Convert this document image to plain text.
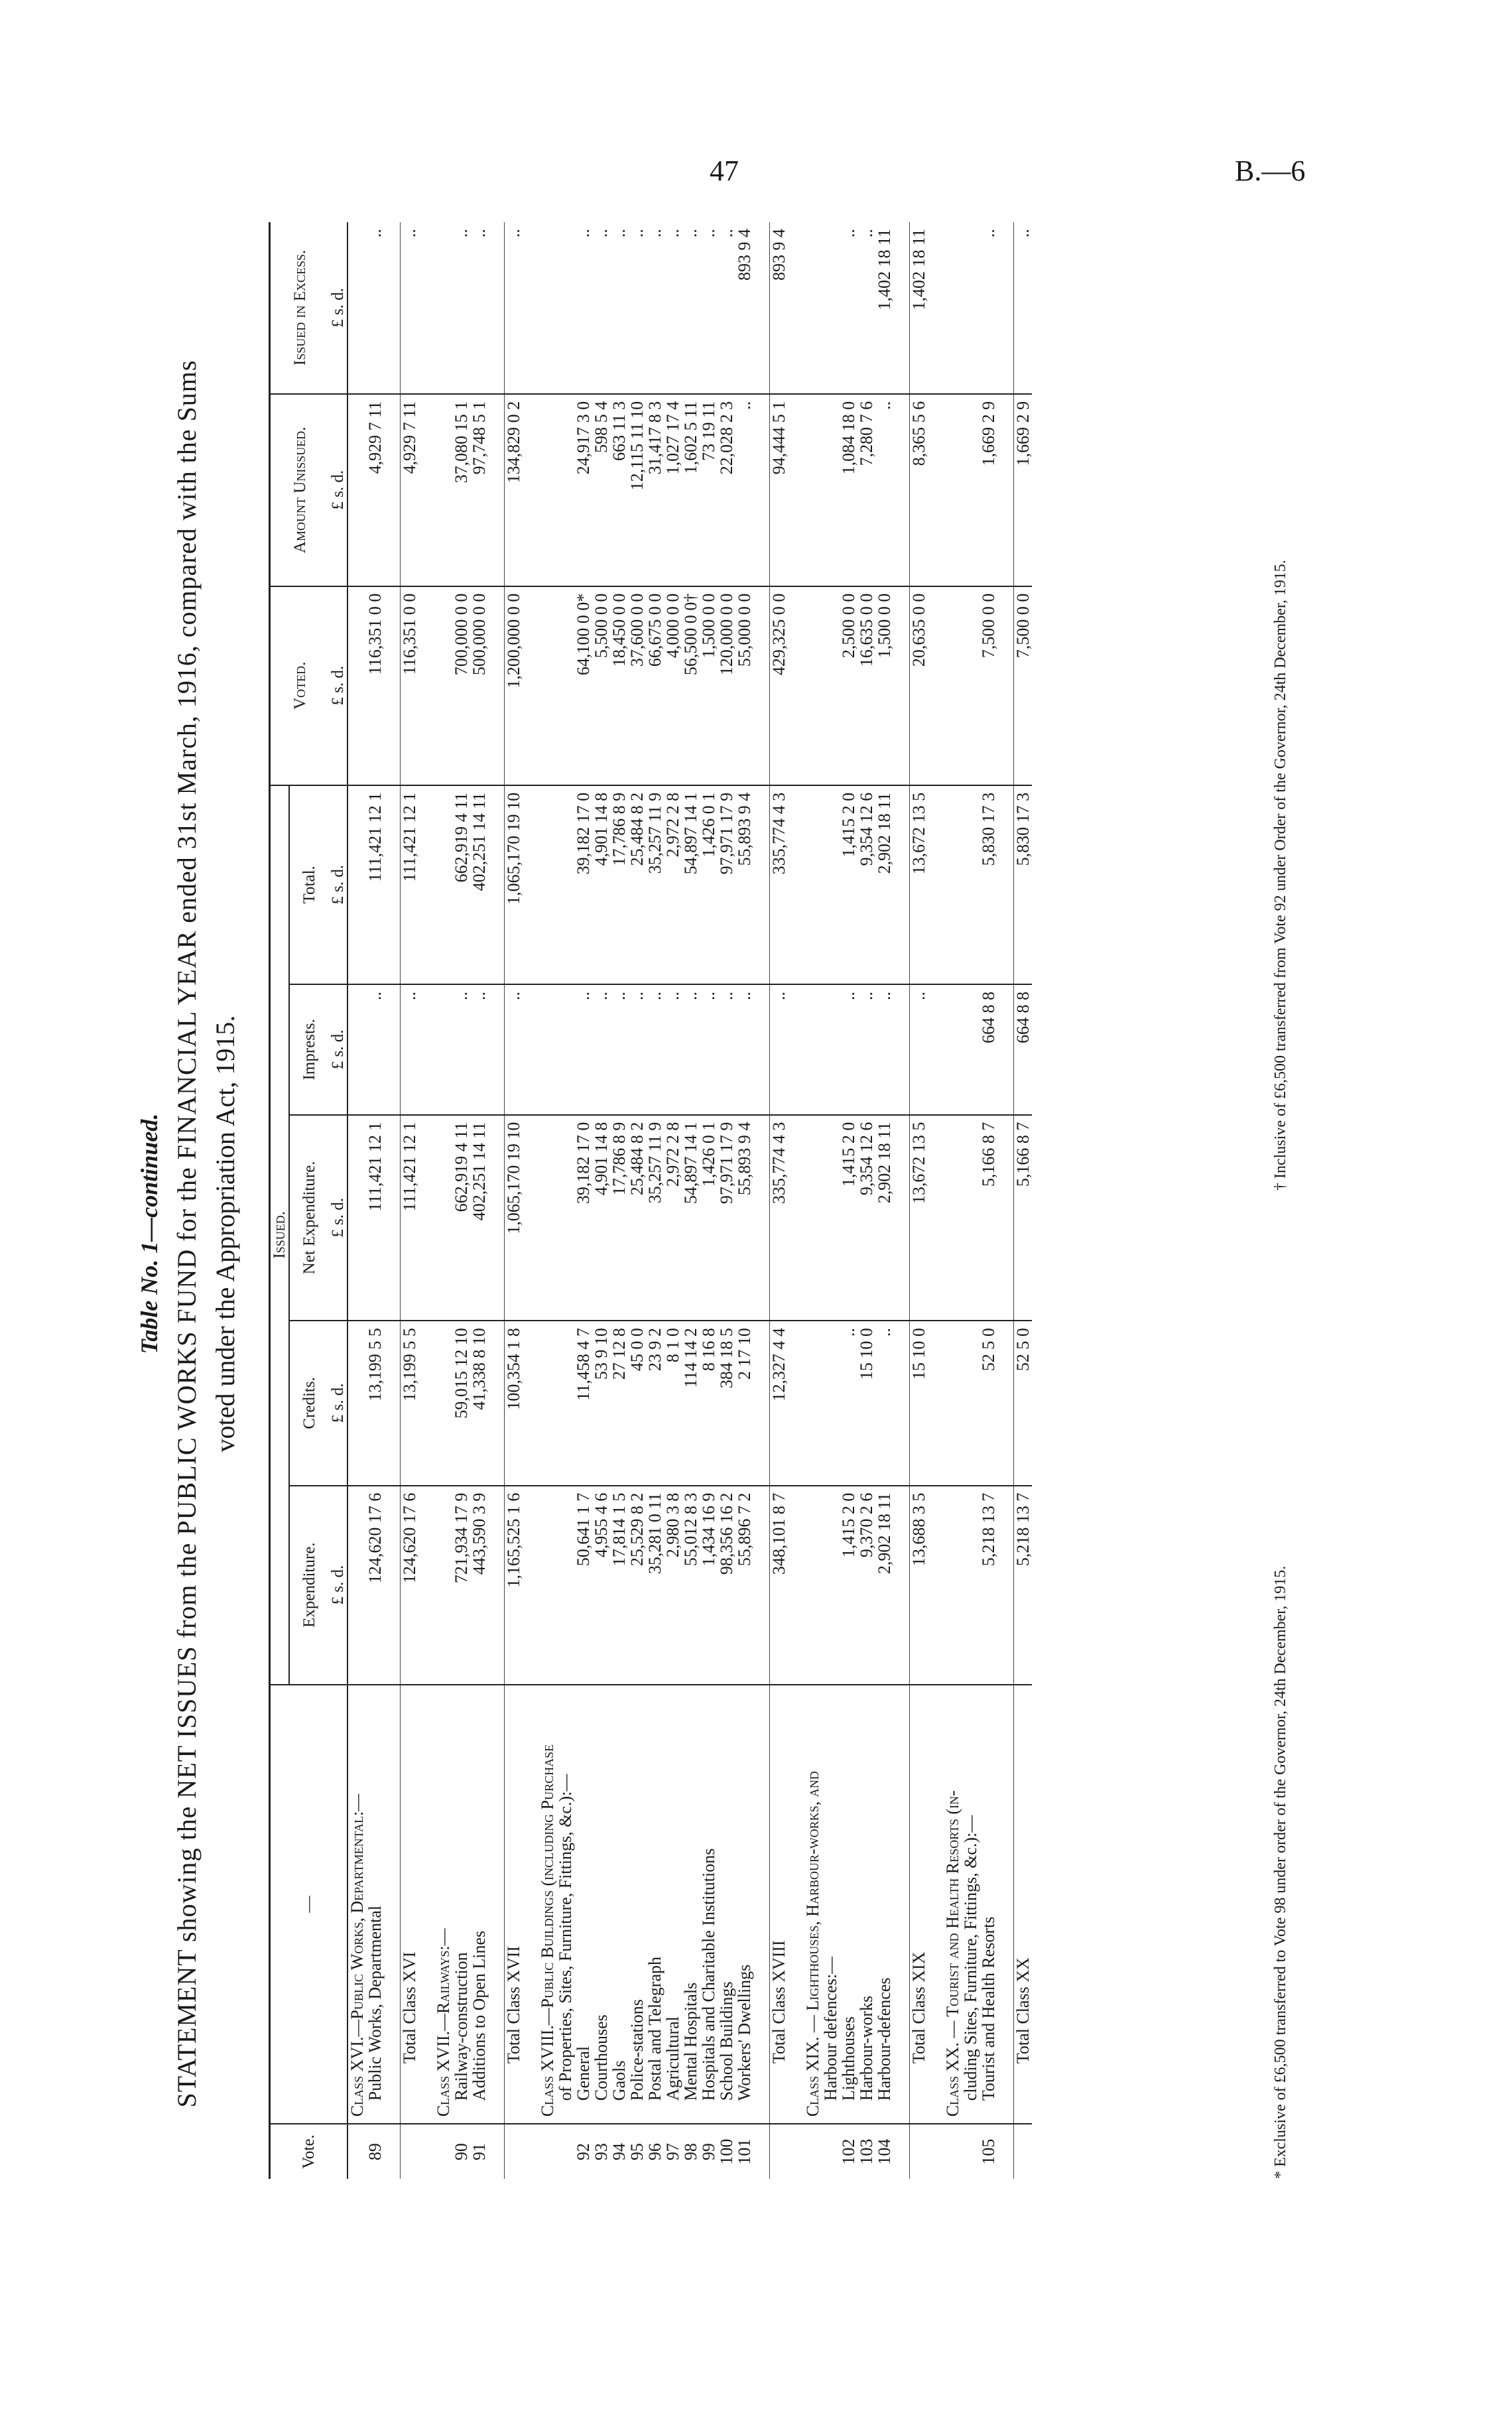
47	B.—6
Table No. 1—continued. STATEMENT showing the NET ISSUES from the PUBLIC WORKS FUND for the FINANCIAL YEAR ended 31st March, 1916, compared with the Sums voted under the Appropriation Act, 1915.
Vote.	—	Issued.					Voted.	Amount Unissued.	Issued in Excess.
		Expenditure.	Credits.	Net Expenditure.	Imprests.	Total.			
		£ s. d.	£ s. d.	£ s. d.	£ s. d.	£ s. d.	£ s. d.	£ s. d.	£ s. d.
	Class XVI.—Public Works, Departmental:—								
89	Public Works, Departmental	124,620 17 6	13,199 5 5	111,421 12 1	..	111,421 12 1	116,351 0 0	4,929 7 11	..

	Total Class XVI	124,620 17 6	13,199 5 5	111,421 12 1	..	111,421 12 1	116,351 0 0	4,929 7 11	..

	Class XVII.—Railways:—								
90	Railway-construction	721,934 17 9	59,015 12 10	662,919 4 11	..	662,919 4 11	700,000 0 0	37,080 15 1	..
91	Additions to Open Lines	443,590 3 9	41,338 8 10	402,251 14 11	..	402,251 14 11	500,000 0 0	97,748 5 1	..

	Total Class XVII	1,165,525 1 6	100,354 1 8	1,065,170 19 10	..	1,065,170 19 10	1,200,000 0 0	134,829 0 2	..

	Class XVIII.—Public Buildings (including Purchase								
	of Properties, Sites, Furniture, Fittings, &c.):—								
92	General	50,641 1 7	11,458 4 7	39,182 17 0	..	39,182 17 0	64,100 0 0*	24,917 3 0	..
93	Courthouses	4,955 4 6	53 9 10	4,901 14 8	..	4,901 14 8	5,500 0 0	598 5 4	..
94	Gaols	17,814 1 5	27 12 8	17,786 8 9	..	17,786 8 9	18,450 0 0	663 11 3	..
95	Police-stations	25,529 8 2	45 0 0	25,484 8 2	..	25,484 8 2	37,600 0 0	12,115 11 10	..
96	Postal and Telegraph	35,281 0 11	23 9 2	35,257 11 9	..	35,257 11 9	66,675 0 0	31,417 8 3	..
97	Agricultural	2,980 3 8	8 1 0	2,972 2 8	..	2,972 2 8	4,000 0 0	1,027 17 4	..
98	Mental Hospitals	55,012 8 3	114 14 2	54,897 14 1	..	54,897 14 1	56,500 0 0†	1,602 5 11	..
99	Hospitals and Charitable Institutions	1,434 16 9	8 16 8	1,426 0 1	..	1,426 0 1	1,500 0 0	73 19 11	..
100	School Buildings	98,356 16 2	384 18 5	97,971 17 9	..	97,971 17 9	120,000 0 0	22,028 2 3	..
101	Workers' Dwellings	55,896 7 2	2 17 10	55,893 9 4	..	55,893 9 4	55,000 0 0	..	893 9 4

	Total Class XVIII	348,101 8 7	12,327 4 4	335,774 4 3	..	335,774 4 3	429,325 0 0	94,444 5 1	893 9 4

	Class XIX. — Lighthouses, Harbour-works, and								
	Harbour defences:—								
102	Lighthouses	1,415 2 0	..	1,415 2 0	..	1,415 2 0	2,500 0 0	1,084 18 0	..
103	Harbour-works	9,370 2 6	15 10 0	9,354 12 6	..	9,354 12 6	16,635 0 0	7,280 7 6	..
104	Harbour-defences	2,902 18 11	..	2,902 18 11	..	2,902 18 11	1,500 0 0	..	1,402 18 11

	Total Class XIX	13,688 3 5	15 10 0	13,672 13 5	..	13,672 13 5	20,635 0 0	8,365 5 6	1,402 18 11

	Class XX. — Tourist and Health Resorts (in-								
	cluding Sites, Furniture, Fittings, &c.):—								
105	Tourist and Health Resorts	5,218 13 7	52 5 0	5,166 8 7	664 8 8	5,830 17 3	7,500 0 0	1,669 2 9	..

	Total Class XX	5,218 13 7	52 5 0	5,166 8 7	664 8 8	5,830 17 3	7,500 0 0	1,669 2 9	..
* Exclusive of £6,500 transferred to Vote 98 under order of the Governor, 24th December, 1915.
† Inclusive of £6,500 transferred from Vote 92 under Order of the Governor, 24th December, 1915.
